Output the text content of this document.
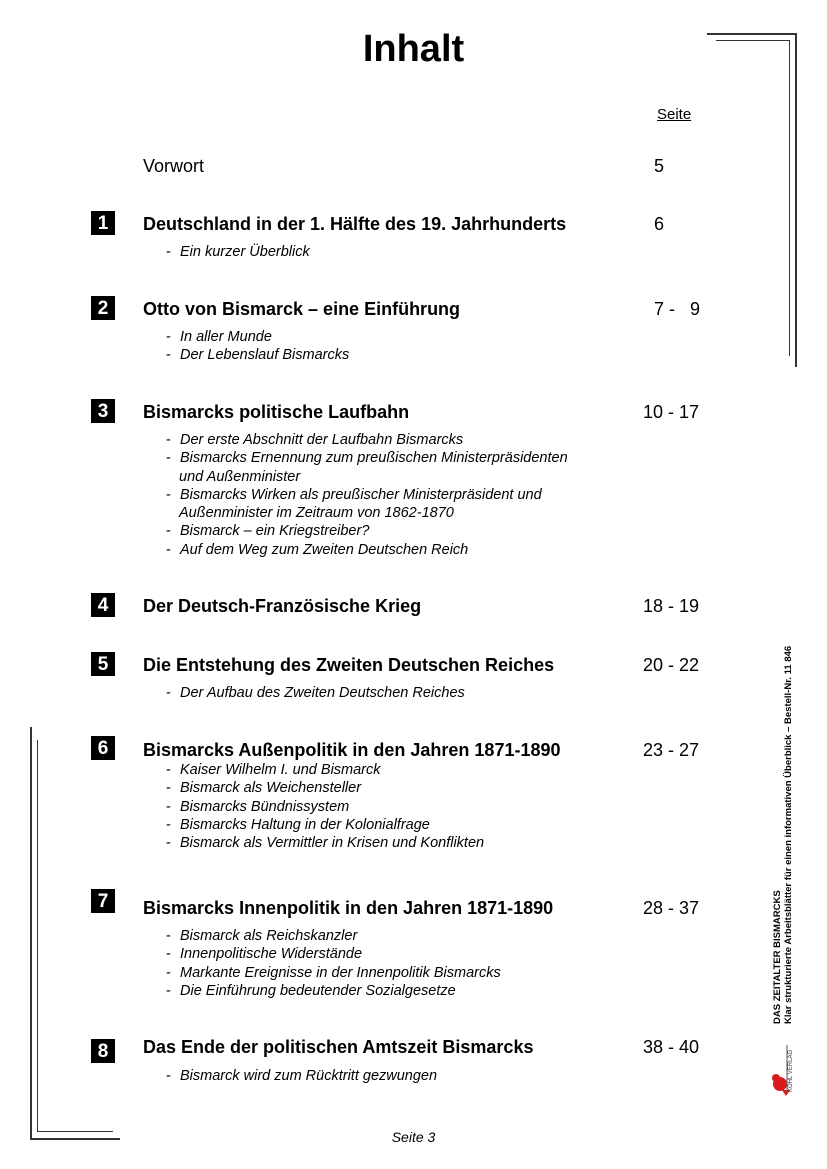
Inhalt
Seite
Vorwort	5
1	Deutschland in der 1. Hälfte des 19. Jahrhunderts	6
- Ein kurzer Überblick
2	Otto von Bismarck – eine Einführung	7 -   9
- In aller Munde
- Der Lebenslauf Bismarcks
3	Bismarcks politische Laufbahn	10 - 17
- Der erste Abschnitt der Laufbahn Bismarcks
- Bismarcks Ernennung zum preußischen Ministerpräsidenten
und Außenminister
- Bismarcks Wirken als preußischer Ministerpräsident und
Außenminister im Zeitraum von 1862-1870
- Bismarck – ein Kriegstreiber?
- Auf dem Weg zum Zweiten Deutschen Reich
4	Der Deutsch-Französische Krieg	18 - 19
5	Die Entstehung des Zweiten Deutschen Reiches	20 - 22
- Der Aufbau des Zweiten Deutschen Reiches
6	Bismarcks Außenpolitik in den Jahren 1871-1890	23 - 27
- Kaiser Wilhelm I. und Bismarck
- Bismarck als Weichensteller
- Bismarcks Bündnissystem
- Bismarcks Haltung in der Kolonialfrage
- Bismarck als Vermittler in Krisen und Konflikten
7	Bismarcks Innenpolitik in den Jahren 1871-1890	28 - 37
- Bismarck als Reichskanzler
- Innenpolitische Widerstände
- Markante Ereignisse in der Innenpolitik Bismarcks
- Die Einführung bedeutender Sozialgesetze
8	Das Ende der politischen Amtszeit Bismarcks	38 - 40
- Bismarck wird zum Rücktritt gezwungen
DAS ZEITALTER BISMARCKS Klar strukturierte Arbeitsblätter für einen informativen Überblick – Bestell-Nr. 11 846
KOHL VERLAG
Seite 3
